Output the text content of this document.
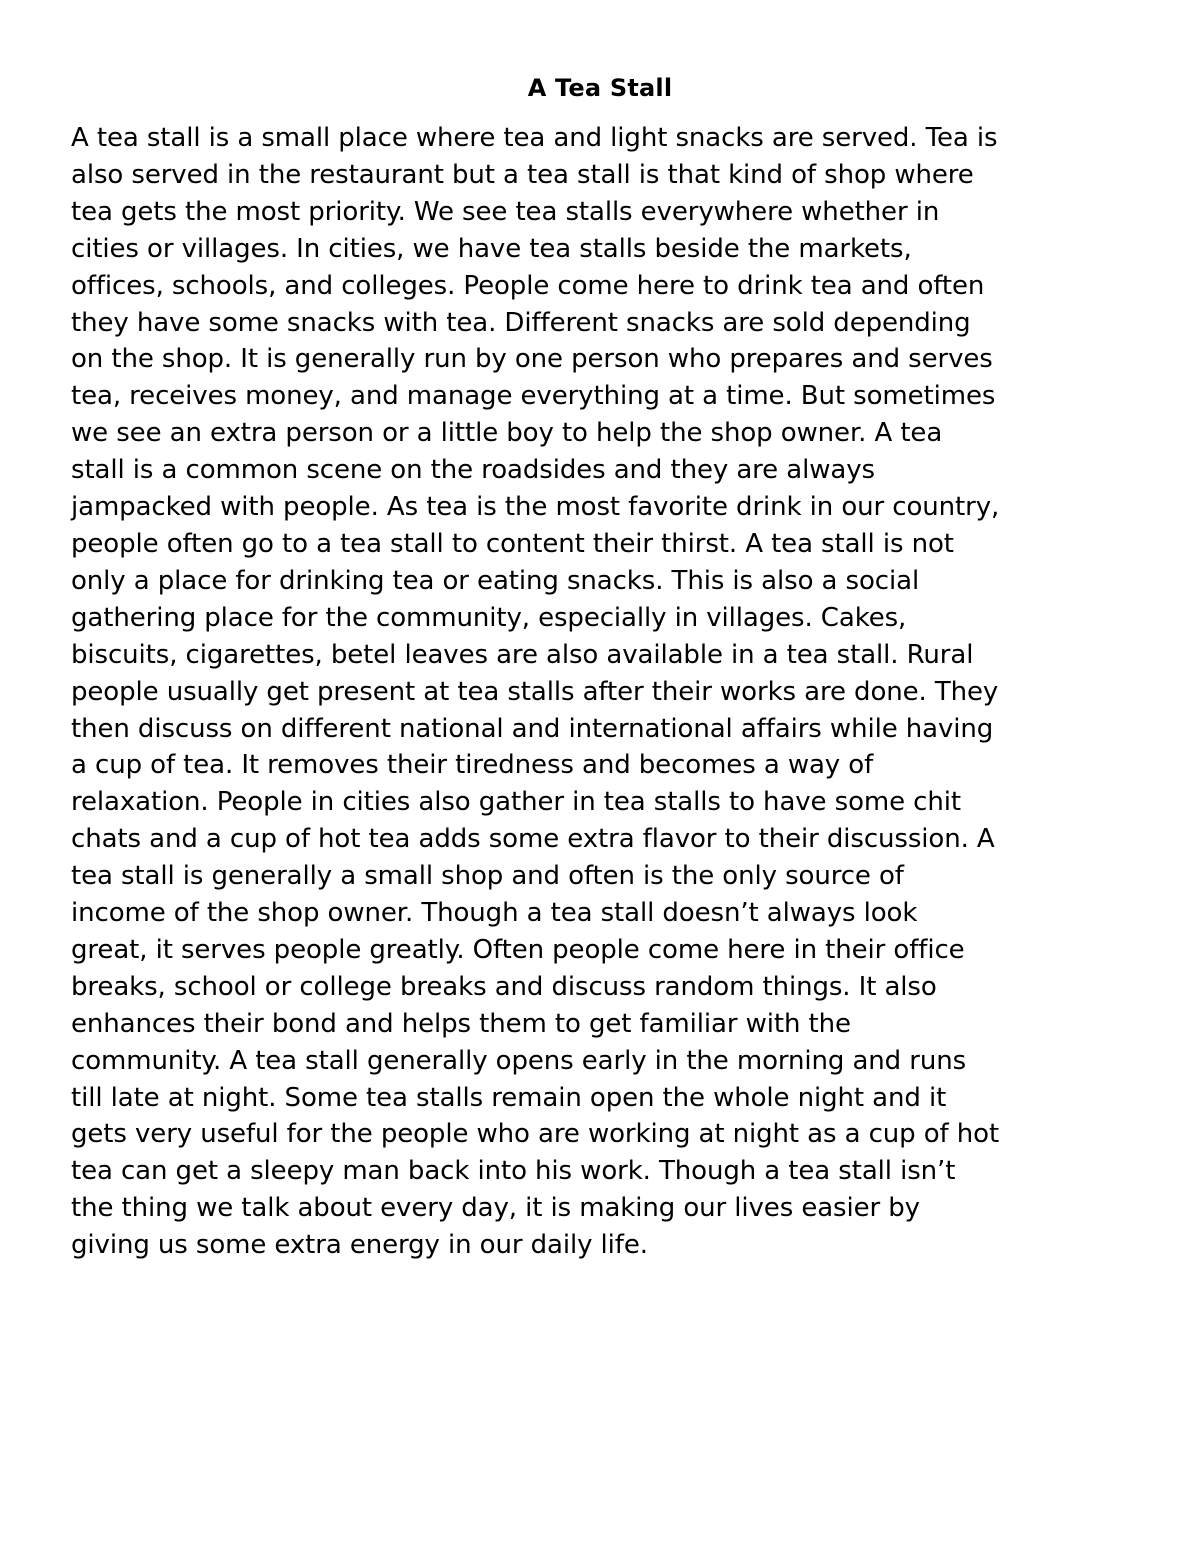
A Tea Stall
A tea stall is a small place where tea and light snacks are served. Tea is
also served in the restaurant but a tea stall is that kind of shop where
tea gets the most priority. We see tea stalls everywhere whether in
cities or villages. In cities, we have tea stalls beside the markets,
offices, schools, and colleges. People come here to drink tea and often
they have some snacks with tea. Different snacks are sold depending
on the shop. It is generally run by one person who prepares and serves
tea, receives money, and manage everything at a time. But sometimes
we see an extra person or a little boy to help the shop owner. A tea
stall is a common scene on the roadsides and they are always
jampacked with people. As tea is the most favorite drink in our country,
people often go to a tea stall to content their thirst. A tea stall is not
only a place for drinking tea or eating snacks. This is also a social
gathering place for the community, especially in villages. Cakes,
biscuits, cigarettes, betel leaves are also available in a tea stall. Rural
people usually get present at tea stalls after their works are done. They
then discuss on different national and international affairs while having
a cup of tea. It removes their tiredness and becomes a way of
relaxation. People in cities also gather in tea stalls to have some chit
chats and a cup of hot tea adds some extra flavor to their discussion. A
tea stall is generally a small shop and often is the only source of
income of the shop owner. Though a tea stall doesn’t always look
great, it serves people greatly. Often people come here in their office
breaks, school or college breaks and discuss random things. It also
enhances their bond and helps them to get familiar with the
community. A tea stall generally opens early in the morning and runs
till late at night. Some tea stalls remain open the whole night and it
gets very useful for the people who are working at night as a cup of hot
tea can get a sleepy man back into his work. Though a tea stall isn’t
the thing we talk about every day, it is making our lives easier by
giving us some extra energy in our daily life.
